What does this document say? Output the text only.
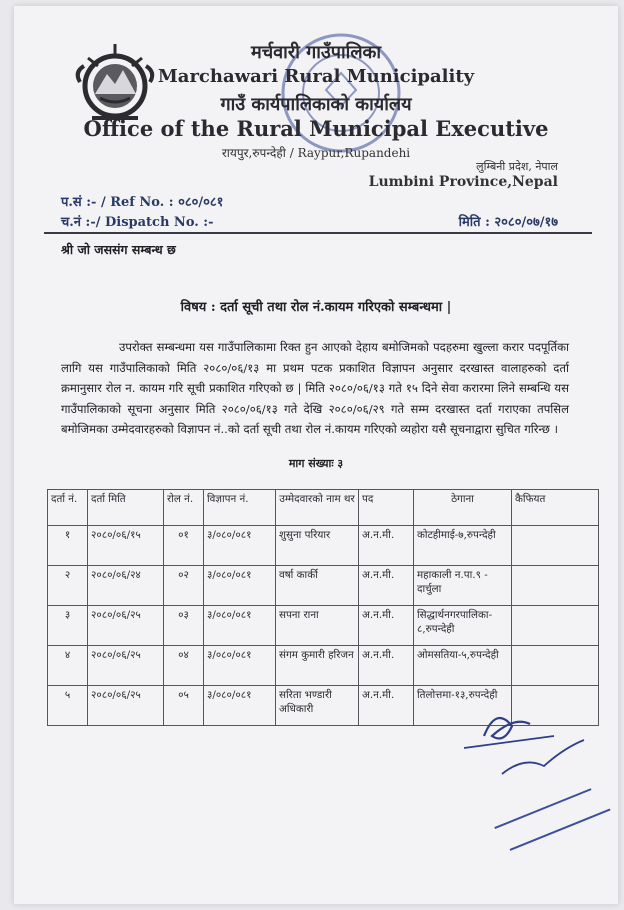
मर्चवारी गाउँपालिका
Marchawari Rural Municipality
गाउँ कार्यपालिकाको कार्यालय
Office of the Rural Municipal Executive
रायपुर,रुपन्देही / Raypur,Rupandehi
लुम्बिनी प्रदेश, नेपाल
Lumbini Province,Nepal
प.सं :- / Ref No. : ०८०/०८१
च.नं :-/ Dispatch No. :-	मिति : २०८०/०७/१७
श्री जो जससंग सम्बन्ध छ
विषय : दर्ता सूची तथा रोल नं.कायम गरिएको सम्बन्धमा |
उपरोक्त सम्बन्धमा यस गाउँपालिकामा रिक्त हुन आएको देहाय बमोजिमको पदहरुमा खुल्ला करार पदपूर्तिका लागि यस गाउँपालिकाको मिति २०८०/०६/१३ मा प्रथम पटक प्रकाशित विज्ञापन अनुसार दरखास्त वालाहरुको दर्ता क्रमानुसार रोल न. कायम गरि सूची प्रकाशित गरिएको छ | मिति २०८०/०६/१३ गते १५ दिने सेवा करारमा लिने सम्बन्धि यस गाउँपालिकाको सूचना अनुसार मिति २०८०/०६/१३ गते देखि २०८०/०६/२९ गते सम्म दरखास्त दर्ता गराएका तपसिल बमोजिमका उम्मेदवारहरुको विज्ञापन नं..को दर्ता सूची तथा रोल नं.कायम गरिएको व्यहोरा यसै सूचनाद्वारा सुचित गरिन्छ ।
माग संख्याः ३
दर्ता नं.	दर्ता मिति	रोल नं.	विज्ञापन नं.	उम्मेदवारको नाम थर	पद	ठेगाना	कैफियत
१	२०८०/०६/१५	०१	३/०८०/०८१	शुसुना परियार	अ.न.मी.	कोटहीमाई-७,रुपन्देही	
२	२०८०/०६/२४	०२	३/०८०/०८१	वर्षा कार्की	अ.न.मी.	महाकाली न.पा.९ - दार्चुला	
३	२०८०/०६/२५	०३	३/०८०/०८१	सपना राना	अ.न.मी.	सिद्धार्थनगरपालिका- ८,रुपन्देही	
४	२०८०/०६/२५	०४	३/०८०/०८१	संगम कुमारी हरिजन	अ.न.मी.	ओमसतिया-५,रुपन्देही	
५	२०८०/०६/२५	०५	३/०८०/०८१	सरिता भण्डारी अधिकारी	अ.न.मी.	तिलोत्तमा-१३,रुपन्देही	
